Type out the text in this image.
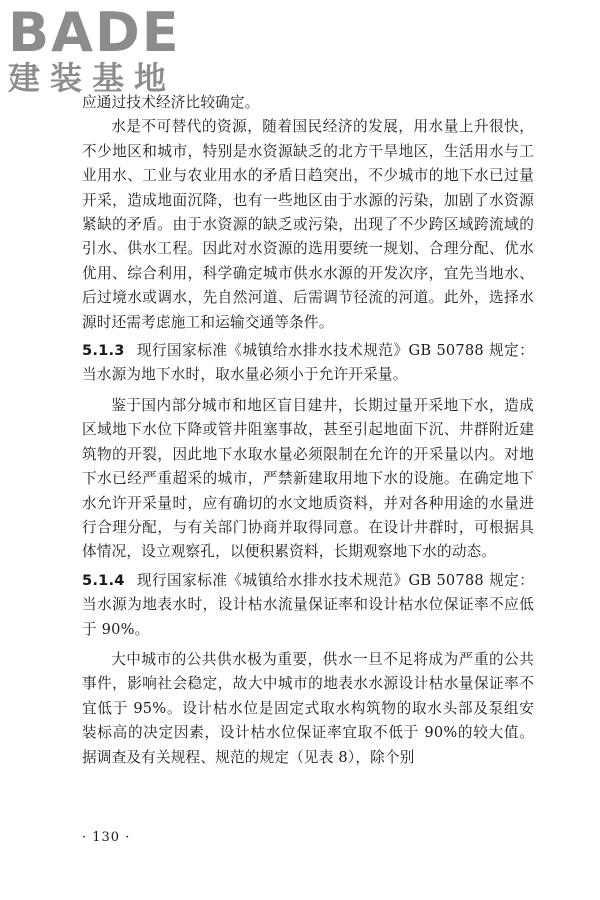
BADE
建装基地

应通过技术经济比较确定。

水是不可替代的资源，随着国民经济的发展，用水量上升很快，不少地区和城市，特别是水资源缺乏的北方干旱地区，生活用水与工业用水、工业与农业用水的矛盾日趋突出，不少城市的地下水已过量开采，造成地面沉降，也有一些地区由于水源的污染，加剧了水资源紧缺的矛盾。由于水资源的缺乏或污染，出现了不少跨区域跨流域的引水、供水工程。因此对水资源的选用要统一规划、合理分配、优水优用、综合利用，科学确定城市供水水源的开发次序，宜先当地水、后过境水或调水，先自然河道、后需调节径流的河道。此外，选择水源时还需考虑施工和运输交通等条件。

5.1.3 现行国家标准《城镇给水排水技术规范》GB 50788 规定：当水源为地下水时，取水量必须小于允许开采量。

鉴于国内部分城市和地区盲目建井，长期过量开采地下水，造成区域地下水位下降或管井阻塞事故，甚至引起地面下沉、井群附近建筑物的开裂，因此地下水取水量必须限制在允许的开采量以内。对地下水已经严重超采的城市，严禁新建取用地下水的设施。在确定地下水允许开采量时，应有确切的水文地质资料，并对各种用途的水量进行合理分配，与有关部门协商并取得同意。在设计井群时，可根据具体情况，设立观察孔，以便积累资料，长期观察地下水的动态。

5.1.4 现行国家标准《城镇给水排水技术规范》GB 50788 规定：当水源为地表水时，设计枯水流量保证率和设计枯水位保证率不应低于 90%。

大中城市的公共供水极为重要，供水一旦不足将成为严重的公共事件，影响社会稳定，故大中城市的地表水水源设计枯水量保证率不宜低于 95%。设计枯水位是固定式取水构筑物的取水头部及泵组安装标高的决定因素，设计枯水位保证率宜取不低于 90%的较大值。据调查及有关规程、规范的规定（见表 8），除个别

· 130 ·
